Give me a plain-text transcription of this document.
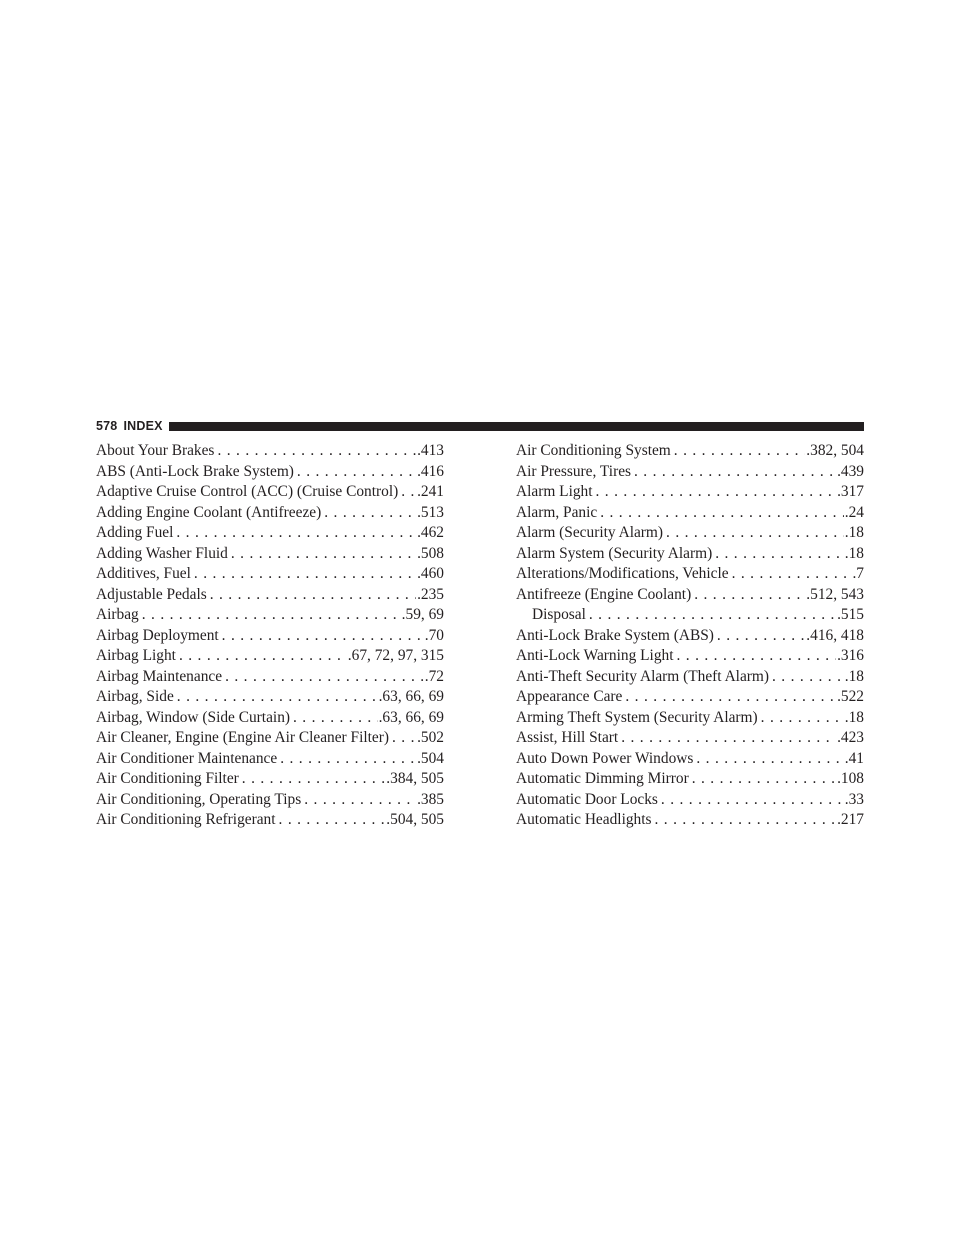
578 INDEX
About Your Brakes . . .	.413
ABS (Anti-Lock Brake System) . . .	.416
Adaptive Cruise Control (ACC) (Cruise Control) . . . .241
Adding Engine Coolant (Antifreeze) . . .	.513
Adding Fuel . . .	.462
Adding Washer Fluid . . .	.508
Additives, Fuel . . .	.460
Adjustable Pedals . . .	.235
Airbag . . .	.59, 69
Airbag Deployment . . .	.70
Airbag Light . . .	.67, 72, 97, 315
Airbag Maintenance . . .	.72
Airbag, Side . . .	.63, 66, 69
Airbag, Window (Side Curtain) . . .	.63, 66, 69
Air Cleaner, Engine (Engine Air Cleaner Filter) . . . .502
Air Conditioner Maintenance . . .	.504
Air Conditioning Filter . . .	.384, 505
Air Conditioning, Operating Tips . . .	.385
Air Conditioning Refrigerant . . .	.504, 505
Air Conditioning System . . .	.382, 504
Air Pressure, Tires . . .	.439
Alarm Light . . .	.317
Alarm, Panic . . .	.24
Alarm (Security Alarm) . . .	.18
Alarm System (Security Alarm) . . .	.18
Alterations/Modifications, Vehicle . . .	.7
Antifreeze (Engine Coolant) . . .	.512, 543
Disposal . . .	.515
Anti-Lock Brake System (ABS) . . .	.416, 418
Anti-Lock Warning Light . . .	.316
Anti-Theft Security Alarm (Theft Alarm) . . .	.18
Appearance Care . . .	.522
Arming Theft System (Security Alarm) . . .	.18
Assist, Hill Start . . .	.423
Auto Down Power Windows . . .	.41
Automatic Dimming Mirror . . .	.108
Automatic Door Locks . . .	.33
Automatic Headlights . . .	.217
